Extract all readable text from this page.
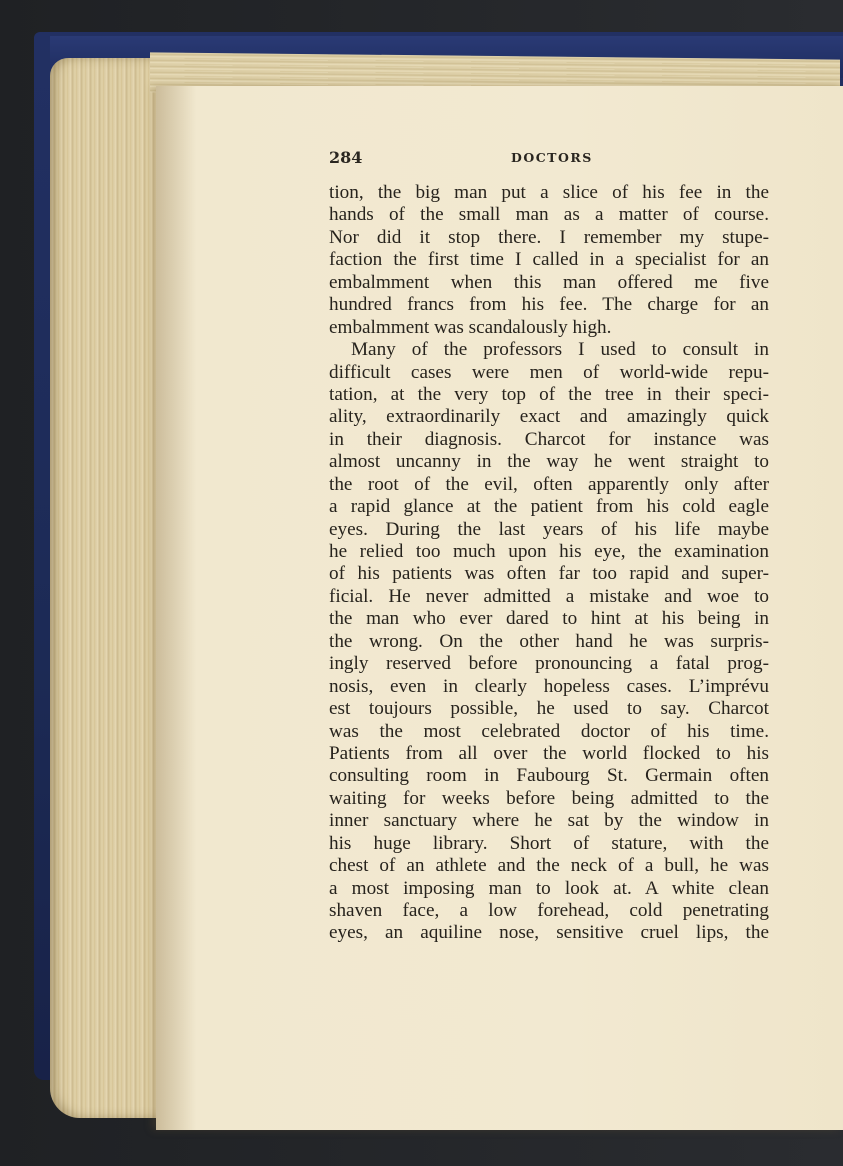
284	DOCTORS
tion, the big man put a slice of his fee in the
hands of the small man as a matter of course.
Nor did it stop there. I remember my stupe-
faction the first time I called in a specialist for an
embalmment when this man offered me five
hundred francs from his fee. The charge for an
embalmment was scandalously high.
Many of the professors I used to consult in
difficult cases were men of world-wide repu-
tation, at the very top of the tree in their speci-
ality, extraordinarily exact and amazingly quick
in their diagnosis. Charcot for instance was
almost uncanny in the way he went straight to
the root of the evil, often apparently only after
a rapid glance at the patient from his cold eagle
eyes. During the last years of his life maybe
he relied too much upon his eye, the examination
of his patients was often far too rapid and super-
ficial. He never admitted a mistake and woe to
the man who ever dared to hint at his being in
the wrong. On the other hand he was surpris-
ingly reserved before pronouncing a fatal prog-
nosis, even in clearly hopeless cases. L’imprévu
est toujours possible, he used to say. Charcot
was the most celebrated doctor of his time.
Patients from all over the world flocked to his
consulting room in Faubourg St. Germain often
waiting for weeks before being admitted to the
inner sanctuary where he sat by the window in
his huge library. Short of stature, with the
chest of an athlete and the neck of a bull, he was
a most imposing man to look at. A white clean
shaven face, a low forehead, cold penetrating
eyes, an aquiline nose, sensitive cruel lips, the
